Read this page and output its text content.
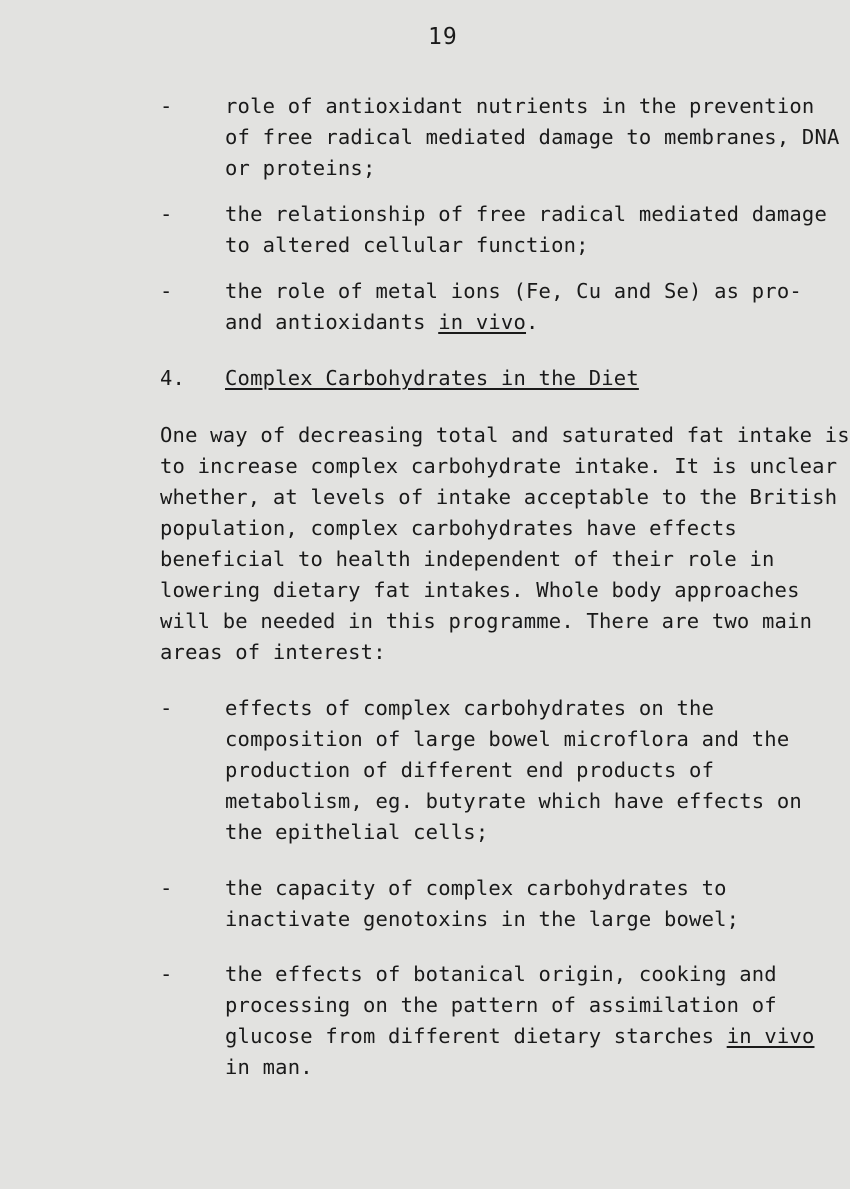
19
-	role of antioxidant nutrients in the prevention
of free radical mediated damage to membranes, DNA
or proteins;
-	the relationship of free radical mediated damage
to altered cellular function;
-	the role of metal ions (Fe, Cu and Se) as pro-
and antioxidants in vivo.
4. Complex Carbohydrates in the Diet
One way of decreasing total and saturated fat intake is
to increase complex carbohydrate intake. It is unclear
whether, at levels of intake acceptable to the British
population, complex carbohydrates have effects
beneficial to health independent of their role in
lowering dietary fat intakes. Whole body approaches
will be needed in this programme. There are two main
areas of interest:
-	effects of complex carbohydrates on the
composition of large bowel microflora and the
production of different end products of
metabolism, eg. butyrate which have effects on
the epithelial cells;
-	the capacity of complex carbohydrates to
inactivate genotoxins in the large bowel;
-	the effects of botanical origin, cooking and
processing on the pattern of assimilation of
glucose from different dietary starches in vivo
in man.
